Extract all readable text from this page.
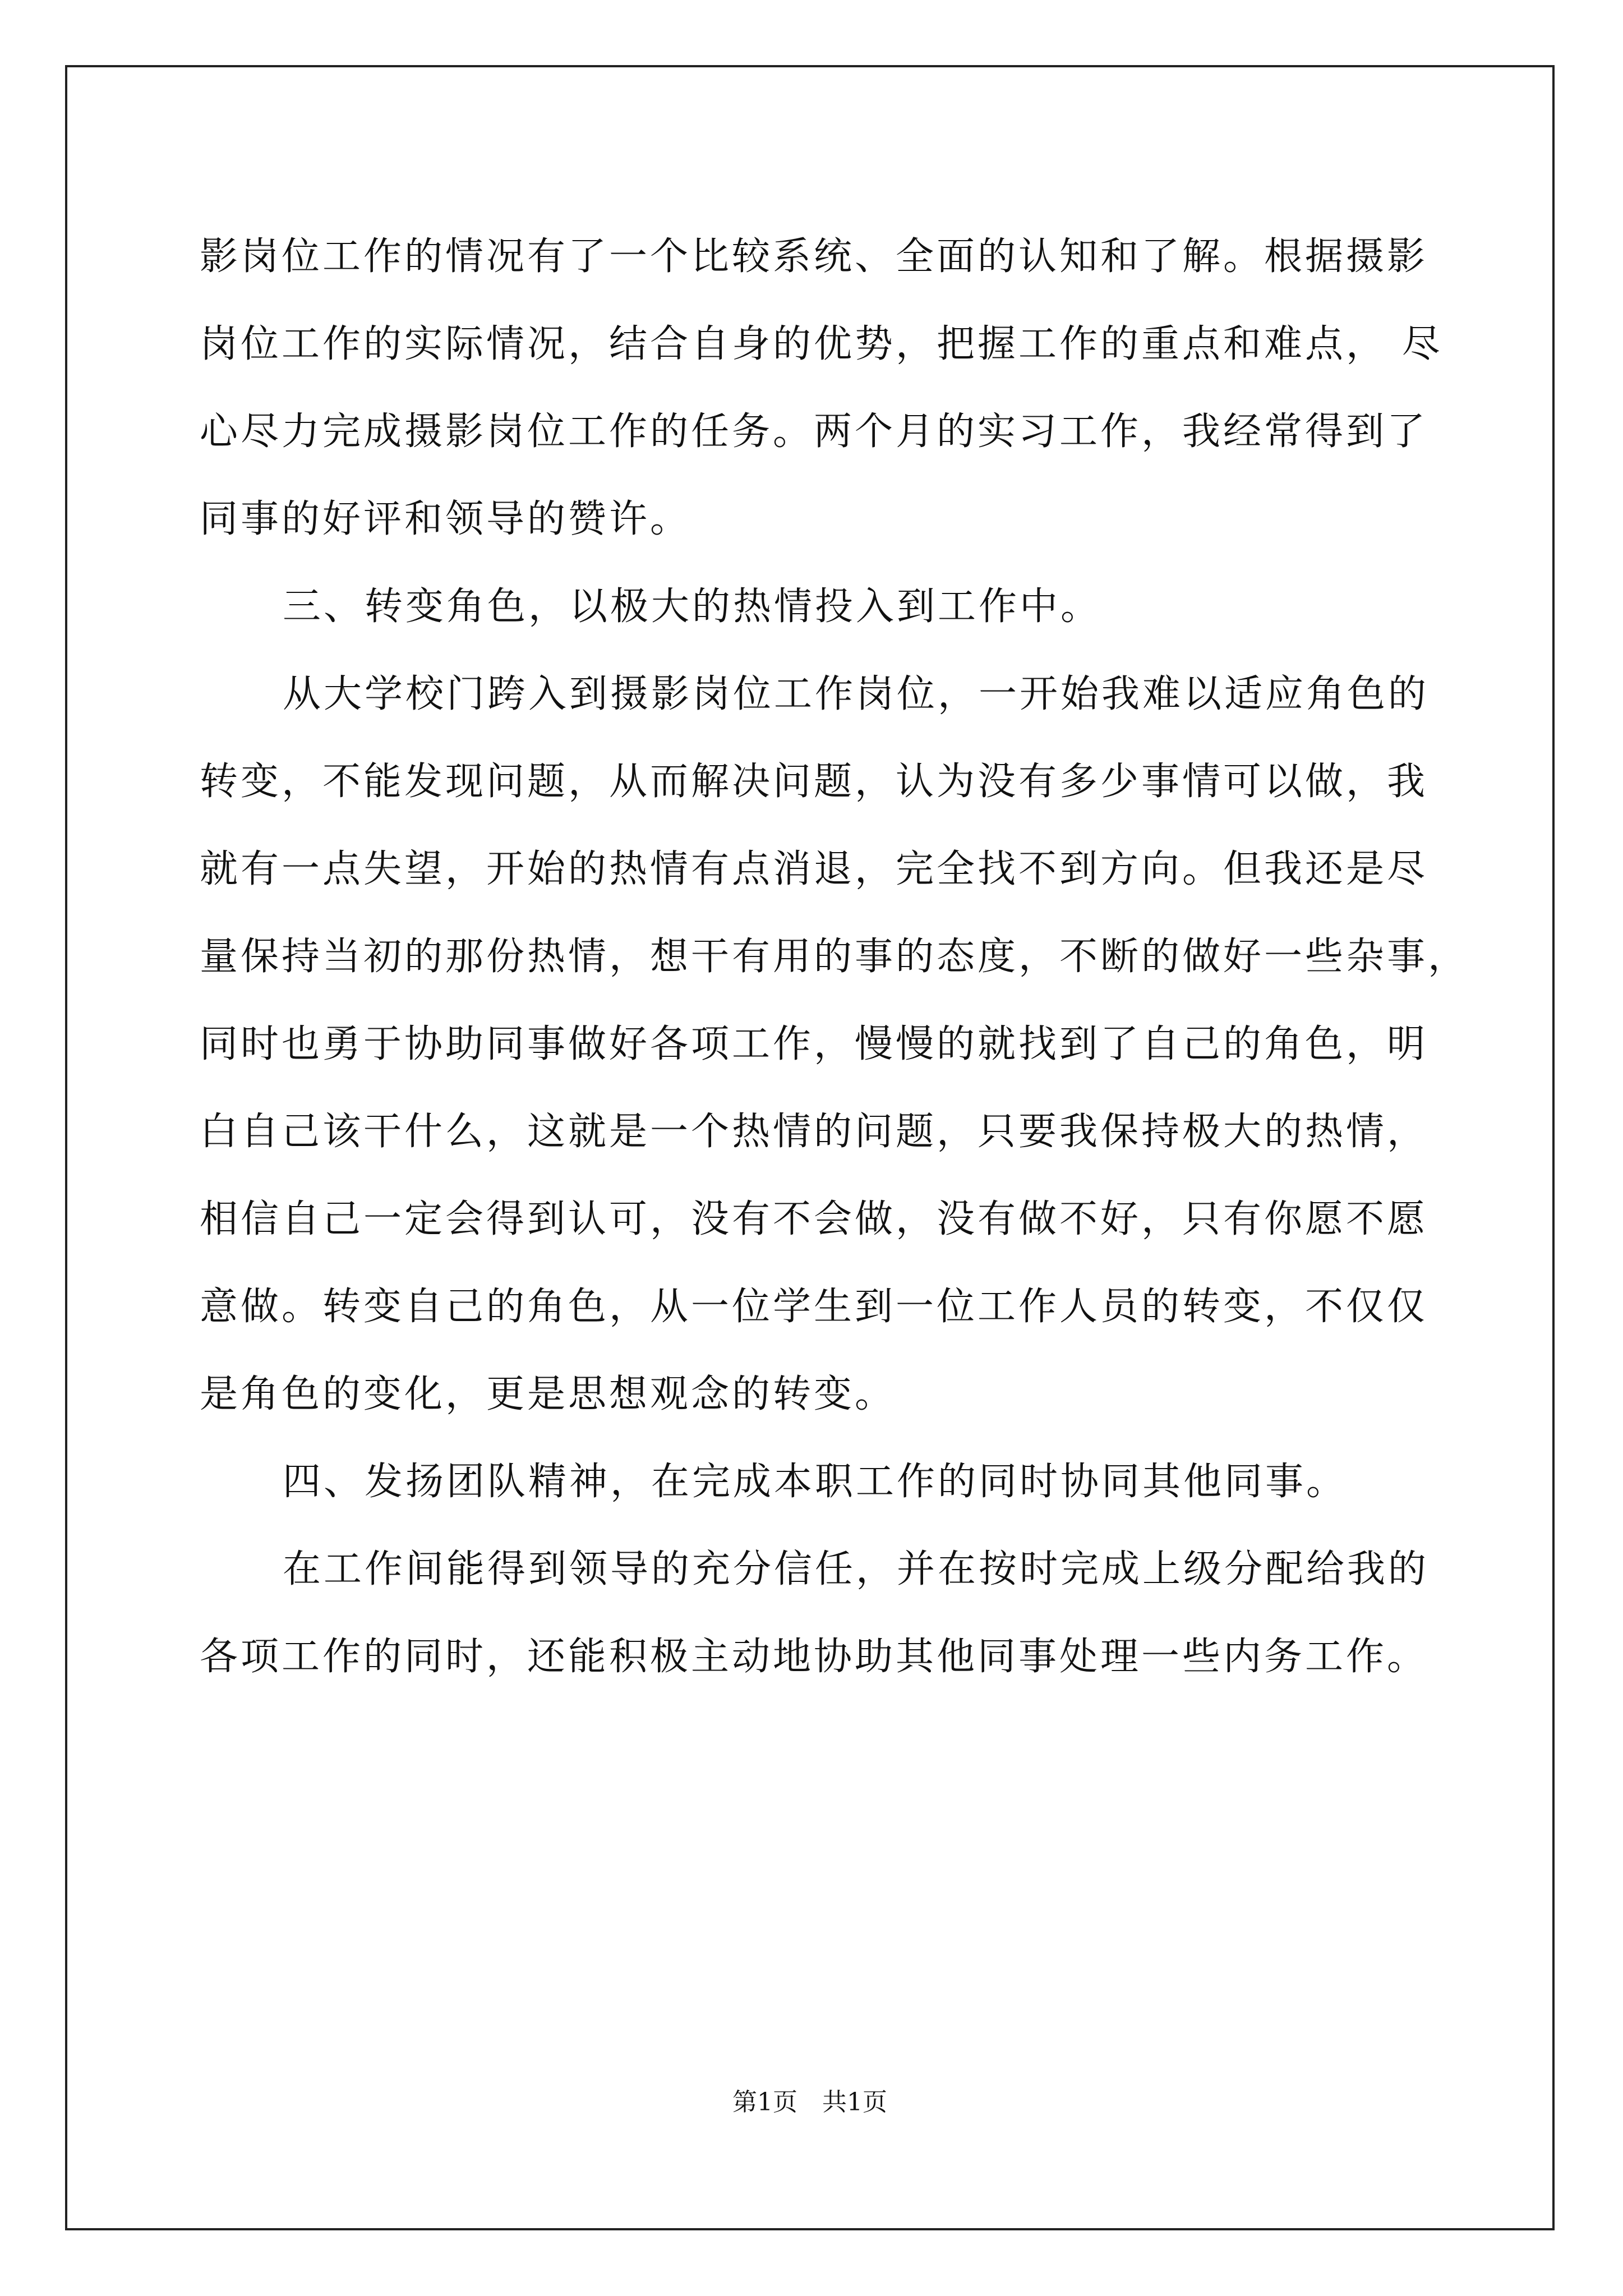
影岗位工作的情况有了一个比较系统、全面的认知和了解。根据摄影
岗位工作的实际情况，结合自身的优势，把握工作的重点和难点， 尽
心尽力完成摄影岗位工作的任务。两个月的实习工作，我经常得到了
同事的好评和领导的赞许。
三、转变角色，以极大的热情投入到工作中。
从大学校门跨入到摄影岗位工作岗位，一开始我难以适应角色的
转变，不能发现问题，从而解决问题，认为没有多少事情可以做，我
就有一点失望，开始的热情有点消退，完全找不到方向。但我还是尽
量保持当初的那份热情，想干有用的事的态度，不断的做好一些杂事，
同时也勇于协助同事做好各项工作，慢慢的就找到了自己的角色，明
白自己该干什么，这就是一个热情的问题，只要我保持极大的热情，
相信自己一定会得到认可，没有不会做，没有做不好，只有你愿不愿
意做。转变自己的角色，从一位学生到一位工作人员的转变，不仅仅
是角色的变化，更是思想观念的转变。
四、发扬团队精神，在完成本职工作的同时协同其他同事。
在工作间能得到领导的充分信任，并在按时完成上级分配给我的
各项工作的同时，还能积极主动地协助其他同事处理一些内务工作。
第1页 共1页
